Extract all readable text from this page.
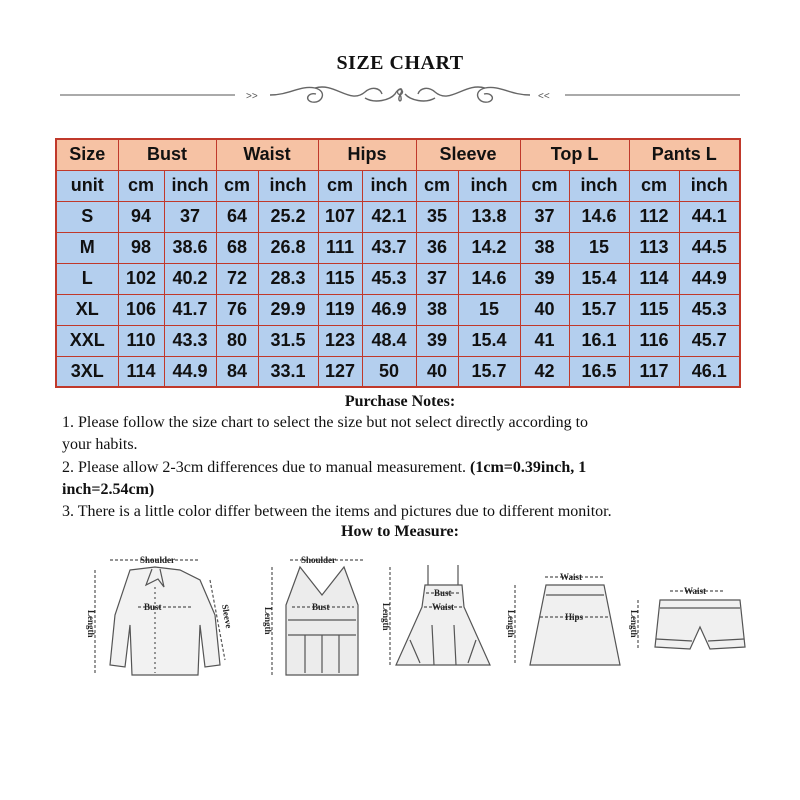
SIZE CHART
>>	<<
Size	Bust		Waist		Hips		Sleeve		Top L		Pants L	
unit	cm	inch	cm	inch	cm	inch	cm	inch	cm	inch	cm	inch
S	94	37	64	25.2	107	42.1	35	13.8	37	14.6	112	44.1
M	98	38.6	68	26.8	111	43.7	36	14.2	38	15	113	44.5
L	102	40.2	72	28.3	115	45.3	37	14.6	39	15.4	114	44.9
XL	106	41.7	76	29.9	119	46.9	38	15	40	15.7	115	45.3
XXL	110	43.3	80	31.5	123	48.4	39	15.4	41	16.1	116	45.7
3XL	114	44.9	84	33.1	127	50	40	15.7	42	16.5	117	46.1
Purchase Notes:
1. Please follow the size chart to select the size but not select directly according to
your habits.
2. Please allow 2-3cm differences due to manual measurement. (1cm=0.39inch, 1
inch=2.54cm)
3. There is a little color differ between the items and pictures due to different monitor.
How to Measure:
Shoulder
Bust	Sleeve
Length
Shoulder
Bust
Length
Bust
Waist
Length
Waist
Hips
Length
Waist
Length
